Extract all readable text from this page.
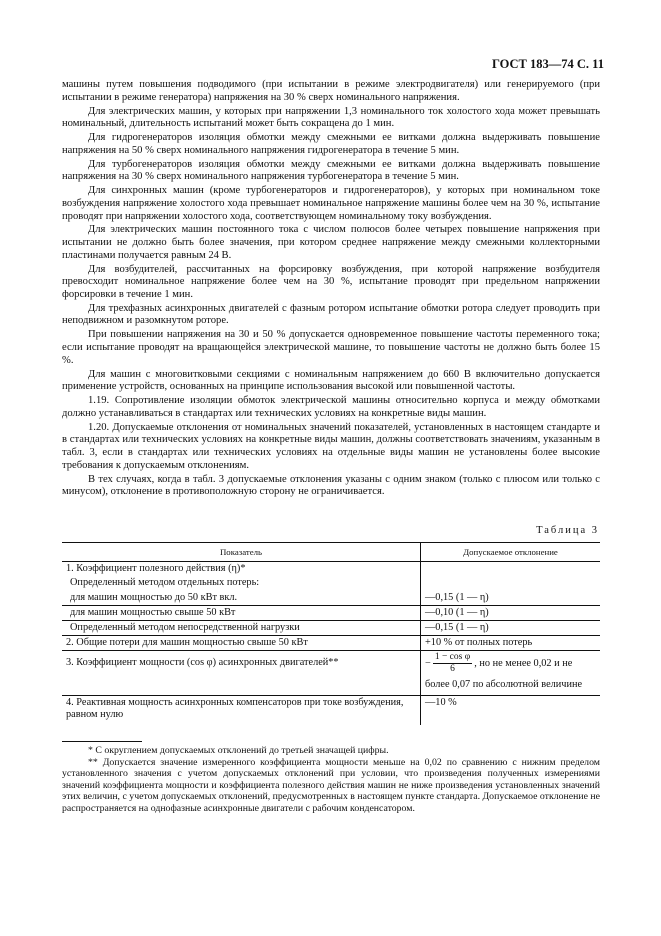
ГОСТ 183—74 С. 11

машины путем повышения подводимого (при испытании в режиме электродвигателя) или генерируемого (при испытании в режиме генератора) напряжения на 30 % сверх номинального напряжения.

Для электрических машин, у которых при напряжении 1,3 номинального ток холостого хода может превышать номинальный, длительность испытаний может быть сокращена до 1 мин.

Для гидрогенераторов изоляция обмотки между смежными ее витками должна выдерживать повышение напряжения на 50 % сверх номинального напряжения гидрогенератора в течение 5 мин.

Для турбогенераторов изоляция обмотки между смежными ее витками должна выдерживать повышение напряжения на 30 % сверх номинального напряжения турбогенератора в течение 5 мин.

Для синхронных машин (кроме турбогенераторов и гидрогенераторов), у которых при номинальном токе возбуждения напряжение холостого хода превышает номинальное напряжение машины более чем на 30 %, испытание проводят при напряжении холостого хода, соответствующем номинальному току возбуждения.

Для электрических машин постоянного тока с числом полюсов более четырех повышение напряжения при испытании не должно быть более значения, при котором среднее напряжение между смежными коллекторными пластинами получается равным 24 В.

Для возбудителей, рассчитанных на форсировку возбуждения, при которой напряжение возбудителя превосходит номинальное напряжение более чем на 30 %, испытание проводят при предельном напряжении форсировки в течение 1 мин.

Для трехфазных асинхронных двигателей с фазным ротором испытание обмотки ротора следует проводить при неподвижном и разомкнутом роторе.

При повышении напряжения на 30 и 50 % допускается одновременное повышение частоты переменного тока; если испытание проводят на вращающейся электрической машине, то повышение частоты не должно быть более 15 %.

Для машин с многовитковыми секциями с номинальным напряжением до 660 В включительно допускается применение устройств, основанных на принципе использования высокой или повышенной частоты.

1.19. Сопротивление изоляции обмоток электрической машины относительно корпуса и между обмотками должно устанавливаться в стандартах или технических условиях на конкретные виды машин.

1.20. Допускаемые отклонения от номинальных значений показателей, установленных в настоящем стандарте и в стандартах или технических условиях на конкретные виды машин, должны соответствовать значениям, указанным в табл. 3, если в стандартах или технических условиях на отдельные виды машин не установлены более высокие требования к допускаемым отклонениям.

В тех случаях, когда в табл. 3 допускаемые отклонения указаны с одним знаком (только с плюсом или только с минусом), отклонение в противоположную сторону не ограничивается.

Таблица 3
Показатель	Допускаемое отклонение
1. Коэффициент полезного действия (η)*	
Определенный методом отдельных потерь:	
для машин мощностью до 50 кВт вкл.	—0,15 (1 — η)
для машин мощностью свыше 50 кВт	—0,10 (1 — η)
Определенный методом непосредственной нагрузки	—0,15 (1 — η)
2. Общие потери для машин мощностью свыше 50 кВт	+10 % от полных потерь
3. Коэффициент мощности (cos φ) асинхронных двигателей**	− $\frac{\text{1 − cos φ}}{6}$ , но не менее 0,02 и не
более 0,07 по абсолютной величине

4. Реактивная мощность асинхронных компенсаторов при токе возбуждения, равном нулю	—10 %

* С округлением допускаемых отклонений до третьей значащей цифры.

** Допускается значение измеренного коэффициента мощности меньше на 0,02 по сравнению с нижним пределом установленного значения с учетом допускаемых отклонений при условии, что произведения полученных измерениями значений коэффициента мощности и коэффициента полезного действия машин не ниже произведения установленных значений этих величин, с учетом допускаемых отклонений, предусмотренных в настоящем пункте стандарта. Допускаемое отклонение не распространяется на однофазные асинхронные двигатели с рабочим конденсатором.
